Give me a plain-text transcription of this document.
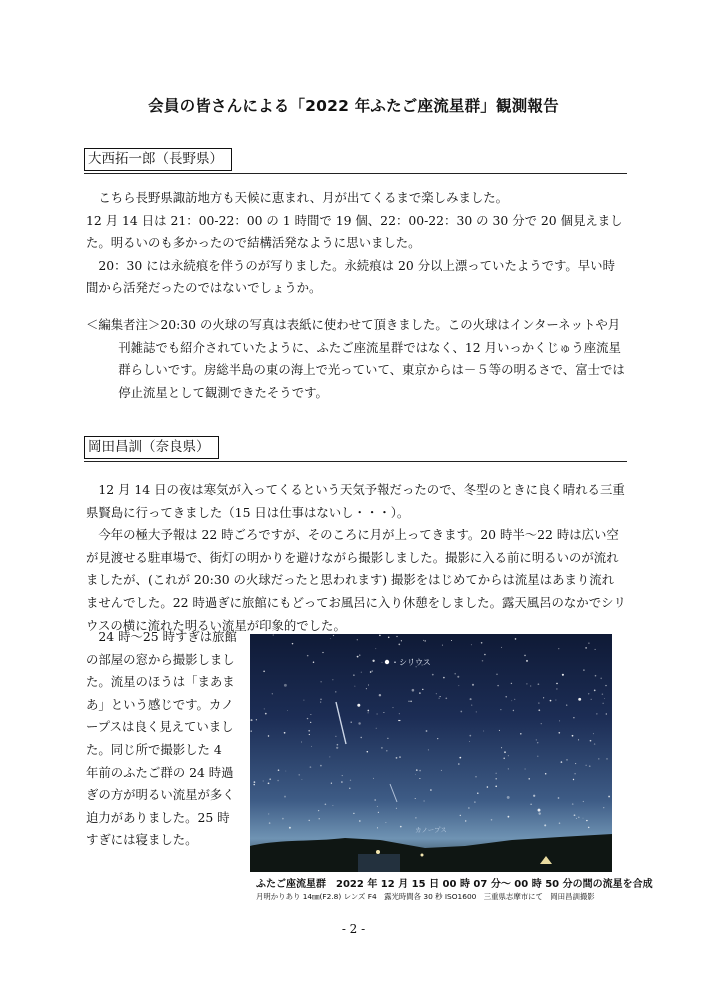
会員の皆さんによる「2022 年ふたご座流星群」観測報告
大西拓一郎（長野県）

こちら長野県諏訪地方も天候に恵まれ、月が出てくるまで楽しみました。

12 月 14 日は 21：00-22：00 の 1 時間で 19 個、22：00-22：30 の 30 分で 20 個見えました。明るいのも多かったので結構活発なように思いました。

20：30 には永続痕を伴うのが写りました。永続痕は 20 分以上漂っていたようです。早い時間から活発だったのではないでしょうか。

＜編集者注＞20:30 の火球の写真は表紙に使わせて頂きました。この火球はインターネットや月刊雑誌でも紹介されていたように、ふたご座流星群ではなく、12 月いっかくじゅう座流星群らしいです。房総半島の東の海上で光っていて、東京からは－５等の明るさで、富士では停止流星として観測できたそうです。

岡田昌訓（奈良県）

12 月 14 日の夜は寒気が入ってくるという天気予報だったので、冬型のときに良く晴れる三重県賢島に行ってきました（15 日は仕事はないし・・・）。

今年の極大予報は 22 時ごろですが、そのころに月が上ってきます。20 時半～22 時は広い空が見渡せる駐車場で、街灯の明かりを避けながら撮影しました。撮影に入る前に明るいのが流れましたが、(これが 20:30 の火球だったと思われます) 撮影をはじめてからは流星はあまり流れませんでした。22 時過ぎに旅館にもどってお風呂に入り休憩をしました。露天風呂のなかでシリウスの横に流れた明るい流星が印象的でした。

24 時～25 時すぎは旅館の部屋の窓から撮影しました。流星のほうは「まあまあ」という感じです。カノープスは良く見えていました。同じ所で撮影した 4 年前のふたご群の 24 時過ぎの方が明るい流星が多く迫力がありました。25 時すぎには寝ました。

・シリウス
カノープス
ふたご座流星群　2022 年 12 月 15 日 00 時 07 分～ 00 時 50 分の間の流星を合成
月明かりあり 14㎜(F2.8) レンズ F4　露光時間各 30 秒 ISO1600　三重県志摩市にて　岡田昌訓撮影
- 2 -
